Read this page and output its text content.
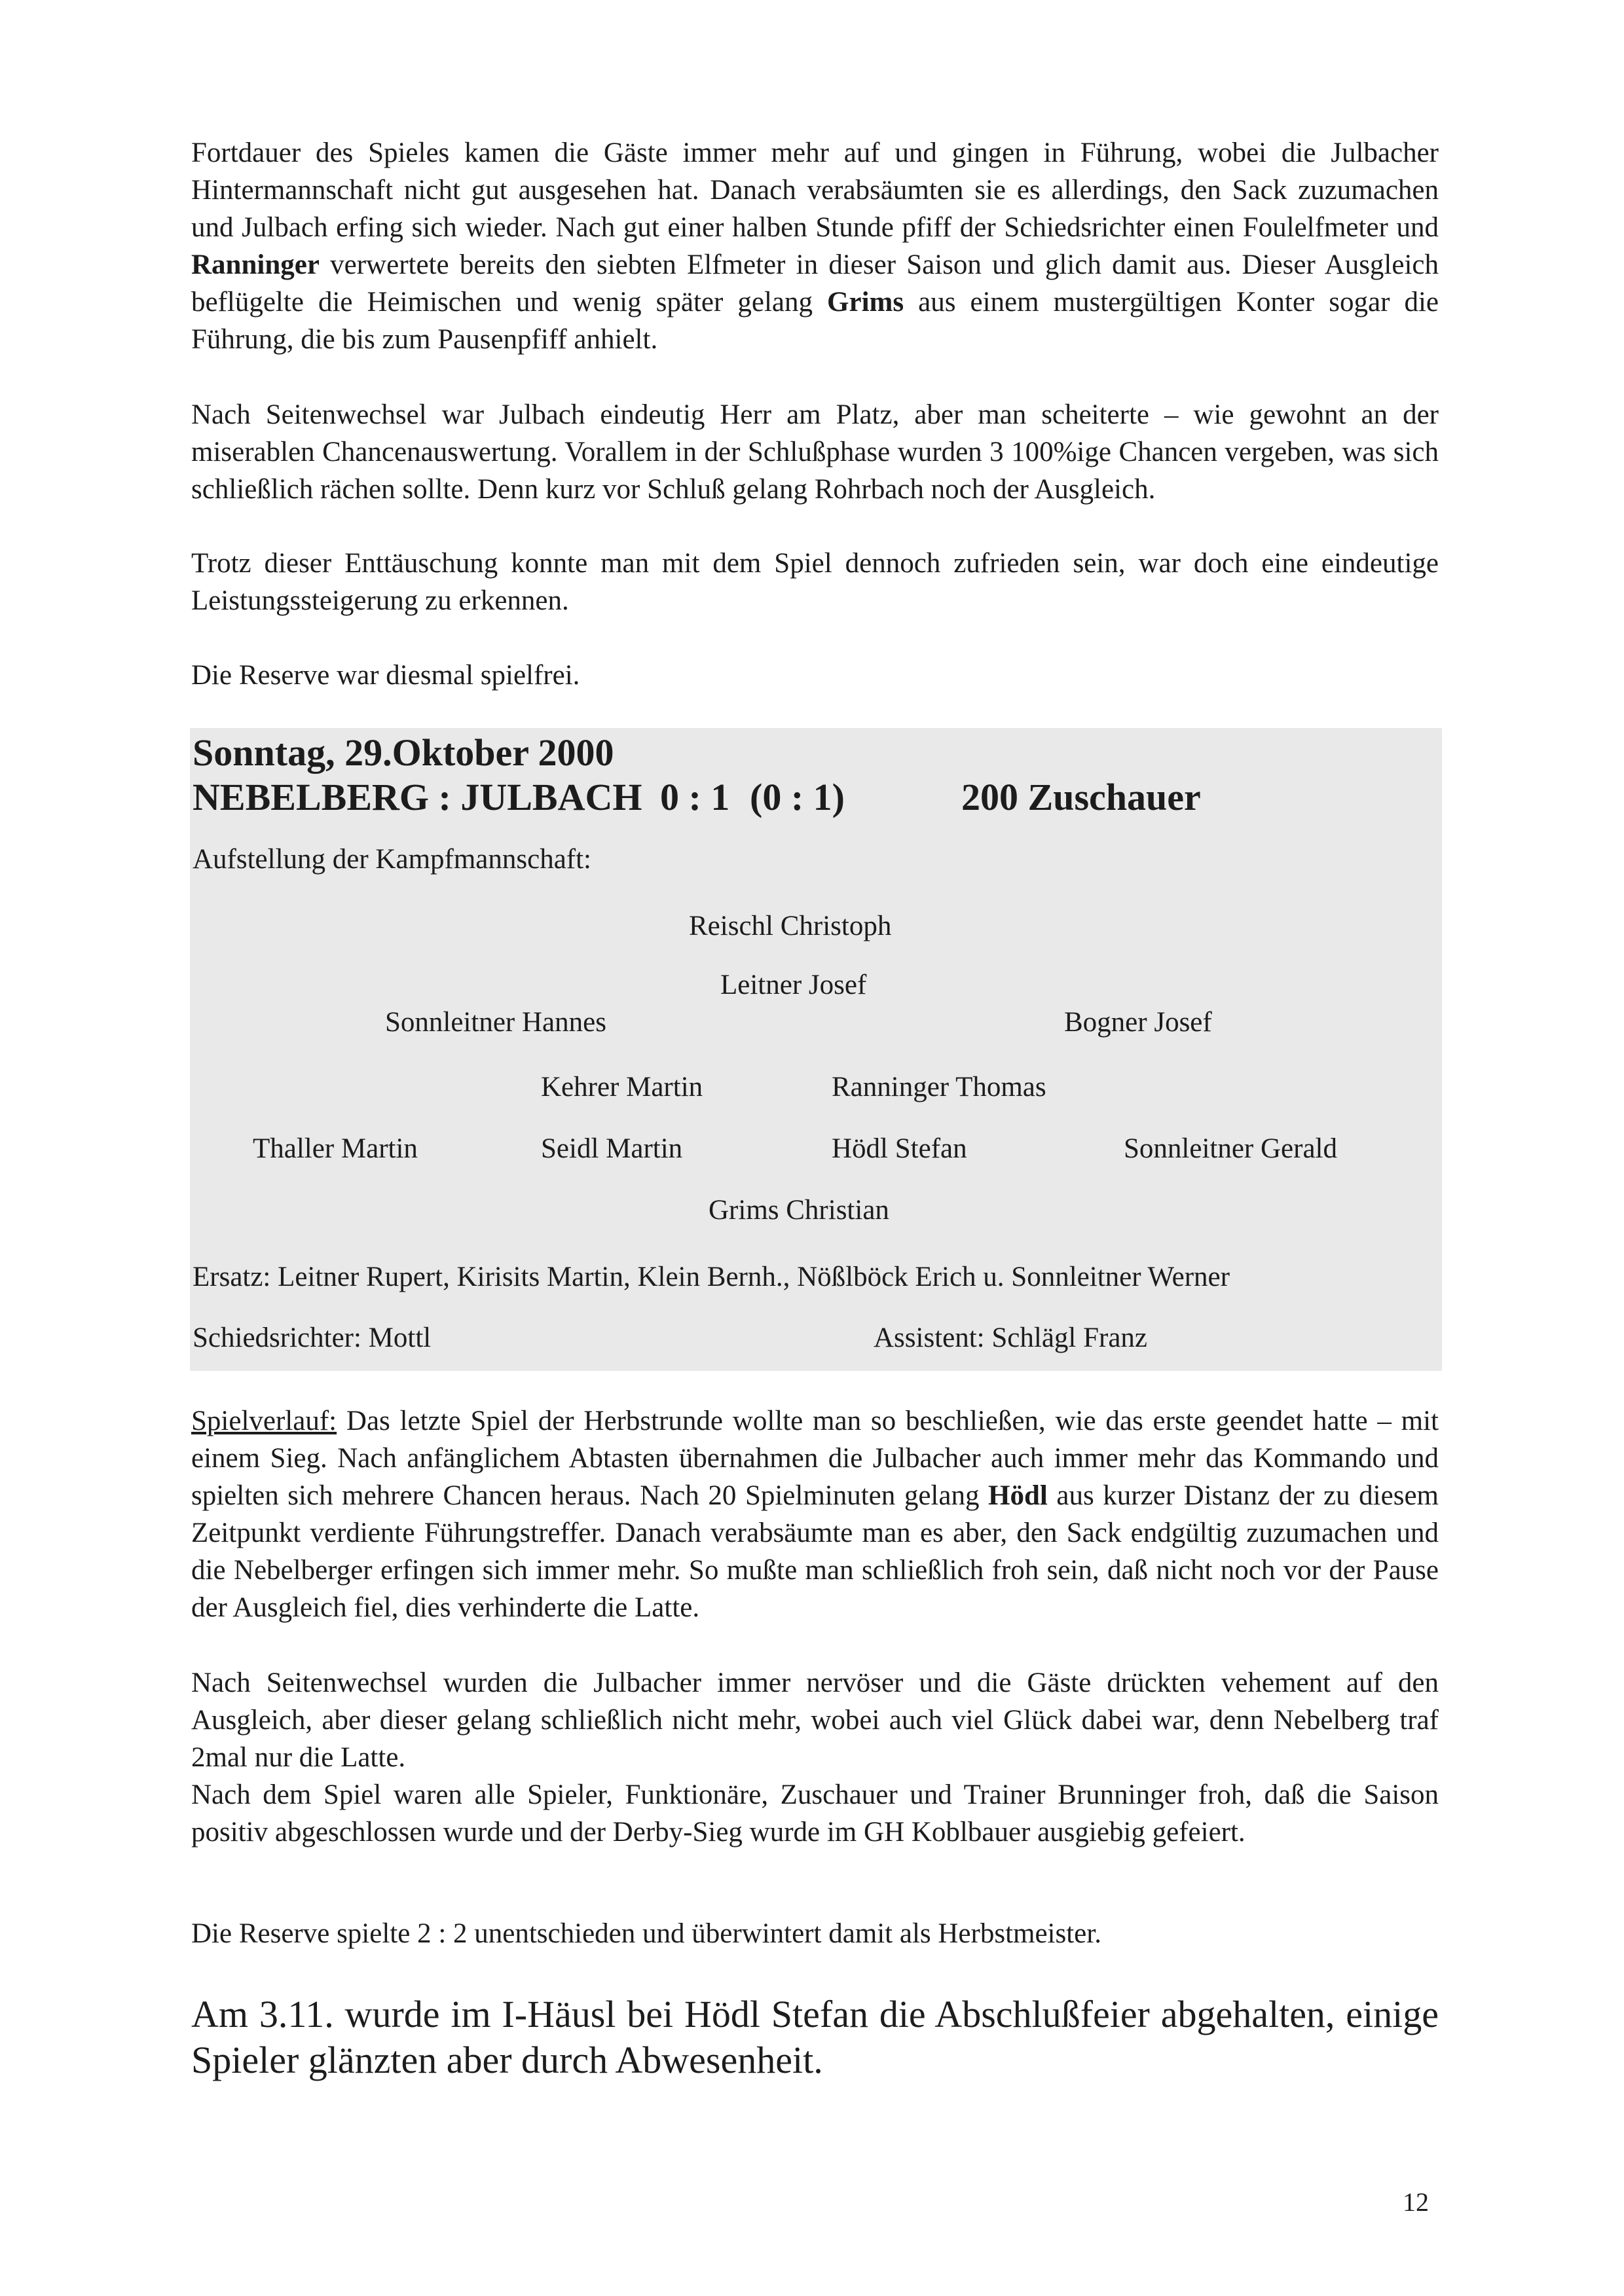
Fortdauer des Spieles kamen die Gäste immer mehr auf und gingen in Führung, wobei die Julbacher Hintermannschaft nicht gut ausgesehen hat. Danach verabsäumten sie es allerdings, den Sack zuzumachen und Julbach erfing sich wieder. Nach gut einer halben Stunde pfiff der Schiedsrichter einen Foulelfmeter und Ranninger verwertete bereits den siebten Elfmeter in dieser Saison und glich damit aus. Dieser Ausgleich beflügelte die Heimischen und wenig später gelang Grims aus einem mustergültigen Konter sogar die Führung, die bis zum Pausenpfiff anhielt.

Nach Seitenwechsel war Julbach eindeutig Herr am Platz, aber man scheiterte – wie gewohnt an der miserablen Chancenauswertung. Vorallem in der Schlußphase wurden 3 100%ige Chancen vergeben, was sich schließlich rächen sollte. Denn kurz vor Schluß gelang Rohrbach noch der Ausgleich.

Trotz dieser Enttäuschung konnte man mit dem Spiel dennoch zufrieden sein, war doch eine eindeutige Leistungssteigerung zu erkennen.

Die Reserve war diesmal spielfrei.

Sonntag, 29.Oktober 2000
NEBELBERG : JULBACH 0 : 1 (0 : 1)	200 Zuschauer
Aufstellung der Kampfmannschaft:
Reischl Christoph
Leitner Josef
Sonnleitner Hannes	Bogner Josef
Kehrer Martin	Ranninger Thomas
Thaller Martin	Seidl Martin	Hödl Stefan	Sonnleitner Gerald
Grims Christian
Ersatz: Leitner Rupert, Kirisits Martin, Klein Bernh., Nößlböck Erich u. Sonnleitner Werner
Schiedsrichter: Mottl	Assistent: Schlägl Franz

Spielverlauf: Das letzte Spiel der Herbstrunde wollte man so beschließen, wie das erste geendet hatte – mit einem Sieg. Nach anfänglichem Abtasten übernahmen die Julbacher auch immer mehr das Kommando und spielten sich mehrere Chancen heraus. Nach 20 Spielminuten gelang Hödl aus kurzer Distanz der zu diesem Zeitpunkt verdiente Führungstreffer. Danach verabsäumte man es aber, den Sack endgültig zuzumachen und die Nebelberger erfingen sich immer mehr. So mußte man schließlich froh sein, daß nicht noch vor der Pause der Ausgleich fiel, dies verhinderte die Latte.

Nach Seitenwechsel wurden die Julbacher immer nervöser und die Gäste drückten vehement auf den Ausgleich, aber dieser gelang schließlich nicht mehr, wobei auch viel Glück dabei war, denn Nebelberg traf 2mal nur die Latte.

Nach dem Spiel waren alle Spieler, Funktionäre, Zuschauer und Trainer Brunninger froh, daß die Saison positiv abgeschlossen wurde und der Derby-Sieg wurde im GH Koblbauer ausgiebig gefeiert.

Die Reserve spielte 2 : 2 unentschieden und überwintert damit als Herbstmeister.

Am 3.11. wurde im I-Häusl bei Hödl Stefan die Abschlußfeier abgehalten, einige Spieler glänzten aber durch Abwesenheit.

12
